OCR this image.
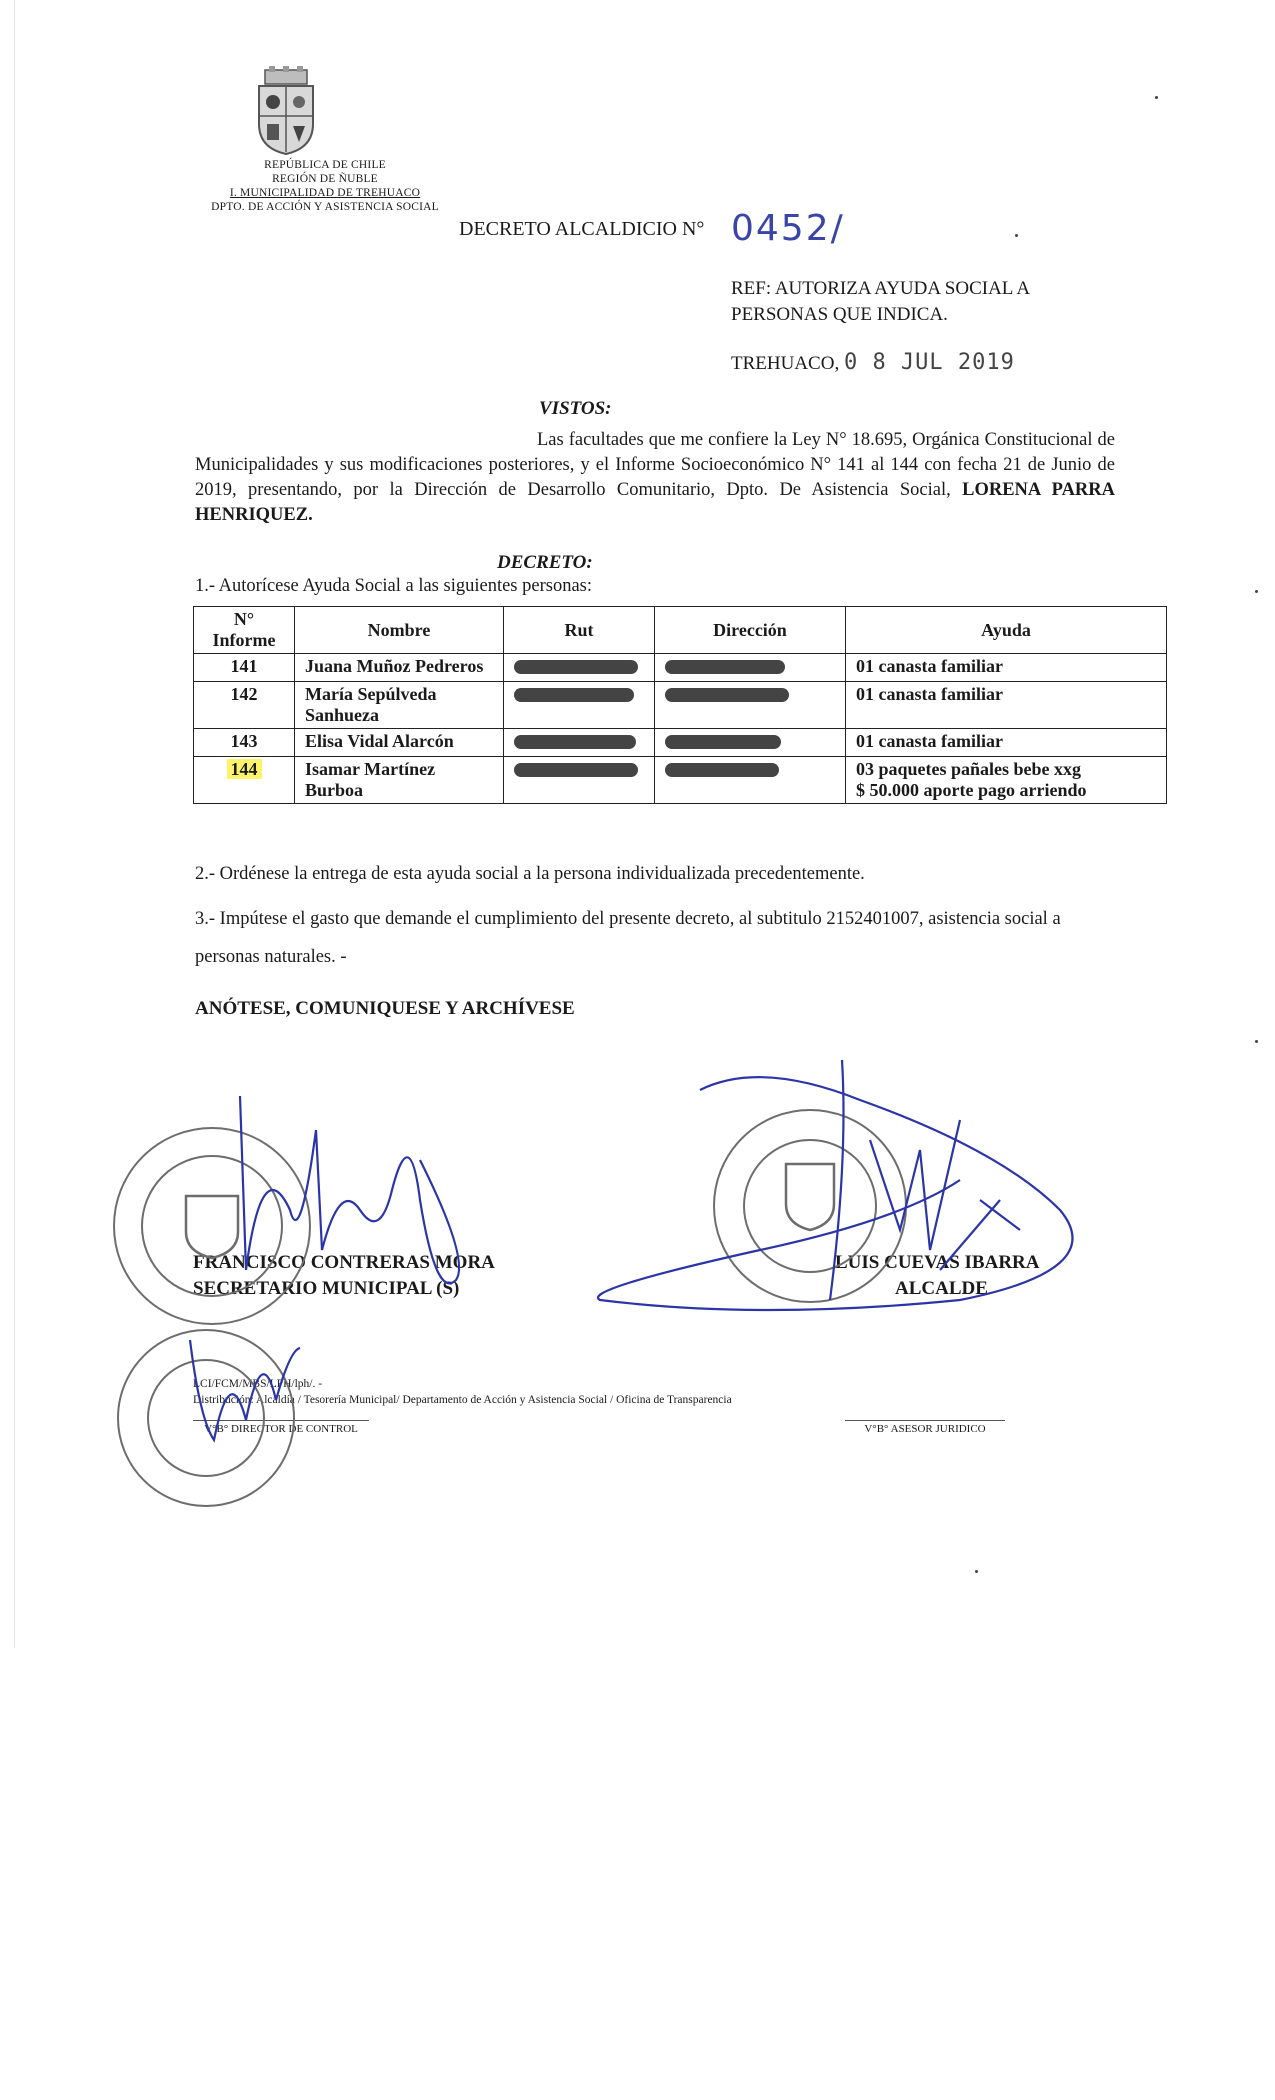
REPÚBLICA DE CHILE
REGIÓN DE ÑUBLE
I. MUNICIPALIDAD DE TREHUACO
DPTO. DE ACCIÓN Y ASISTENCIA SOCIAL
DECRETO ALCALDICIO N° 0452/
REF: AUTORIZA AYUDA SOCIAL A PERSONAS QUE INDICA.
TREHUACO, 0 8 JUL 2019
VISTOS:
Las facultades que me confiere la Ley N° 18.695, Orgánica Constitucional de Municipalidades y sus modificaciones posteriores, y el Informe Socioeconómico N° 141 al 144 con fecha 21 de Junio de 2019, presentando, por la Dirección de Desarrollo Comunitario, Dpto. De Asistencia Social, LORENA PARRA HENRIQUEZ.
DECRETO:
1.- Autorícese Ayuda Social a las siguientes personas:
N° Informe	Nombre	Rut	Dirección	Ayuda
141	Juana Muñoz Pedreros			01 canasta familiar
142	María Sepúlveda Sanhueza			01 canasta familiar
143	Elisa Vidal Alarcón			01 canasta familiar
144	Isamar Martínez Burboa			03 paquetes pañales bebe xxg
$ 50.000 aporte pago arriendo
2.- Ordénese la entrega de esta ayuda social a la persona individualizada precedentemente.
3.- Impútese el gasto que demande el cumplimiento del presente decreto, al subtitulo 2152401007, asistencia social a personas naturales. -
ANÓTESE, COMUNIQUESE Y ARCHÍVESE
FRANCISCO CONTRERAS MORA
SECRETARIO MUNICIPAL (S)
LUIS CUEVAS IBARRA
ALCALDE
LCI/FCM/MBS/LPH/lph/. -
Distribución: Alcaldía / Tesorería Municipal/ Departamento de Acción y Asistencia Social / Oficina de Transparencia
V°B° DIRECTOR DE CONTROL	V°B° ASESOR JURIDICO
